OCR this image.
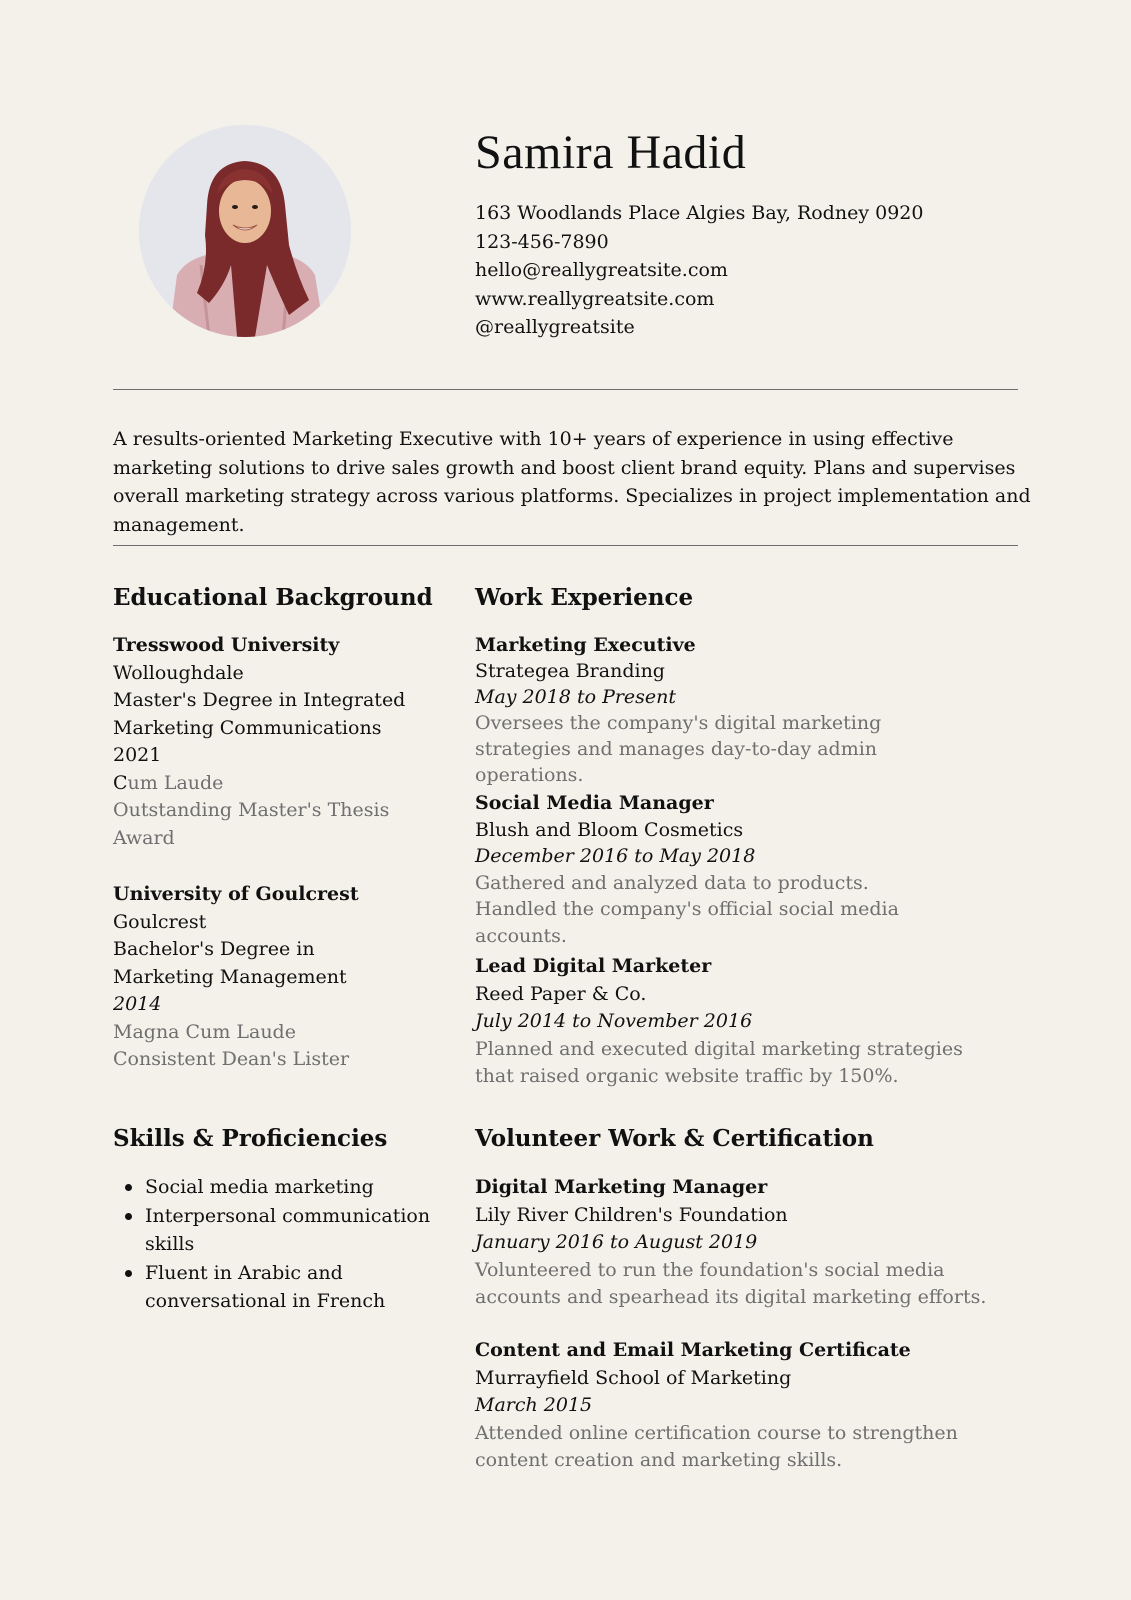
Samira Hadid
163 Woodlands Place Algies Bay, Rodney 0920
123-456-7890
hello@reallygreatsite.com
www.reallygreatsite.com
@reallygreatsite

A results-oriented Marketing Executive with 10+ years of experience in using effective marketing solutions to drive sales growth and boost client brand equity. Plans and supervises overall marketing strategy across various platforms. Specializes in project implementation and management.

Educational Background
Tresswood University
Wolloughdale
Master's Degree in Integrated Marketing Communications
2021
Cum Laude
Outstanding Master's Thesis Award
University of Goulcrest
Goulcrest
Bachelor's Degree in Marketing Management
2014
Magna Cum Laude
Consistent Dean's Lister
Work Experience
Marketing Executive
Strategea Branding
May 2018 to Present
Oversees the company's digital marketing strategies and manages day-to-day admin operations.
Social Media Manager
Blush and Bloom Cosmetics
December 2016 to May 2018
Gathered and analyzed data to products. Handled the company's official social media accounts.
Lead Digital Marketer
Reed Paper & Co.
July 2014 to November 2016
Planned and executed digital marketing strategies that raised organic website traffic by 150%.
Skills & Proficiencies
Social media marketing
Interpersonal communication skills
Fluent in Arabic and conversational in French
Volunteer Work & Certification
Digital Marketing Manager
Lily River Children's Foundation
January 2016 to August 2019
Volunteered to run the foundation's social media accounts and spearhead its digital marketing efforts.
Content and Email Marketing Certificate
Murrayfield School of Marketing
March 2015
Attended online certification course to strengthen content creation and marketing skills.
